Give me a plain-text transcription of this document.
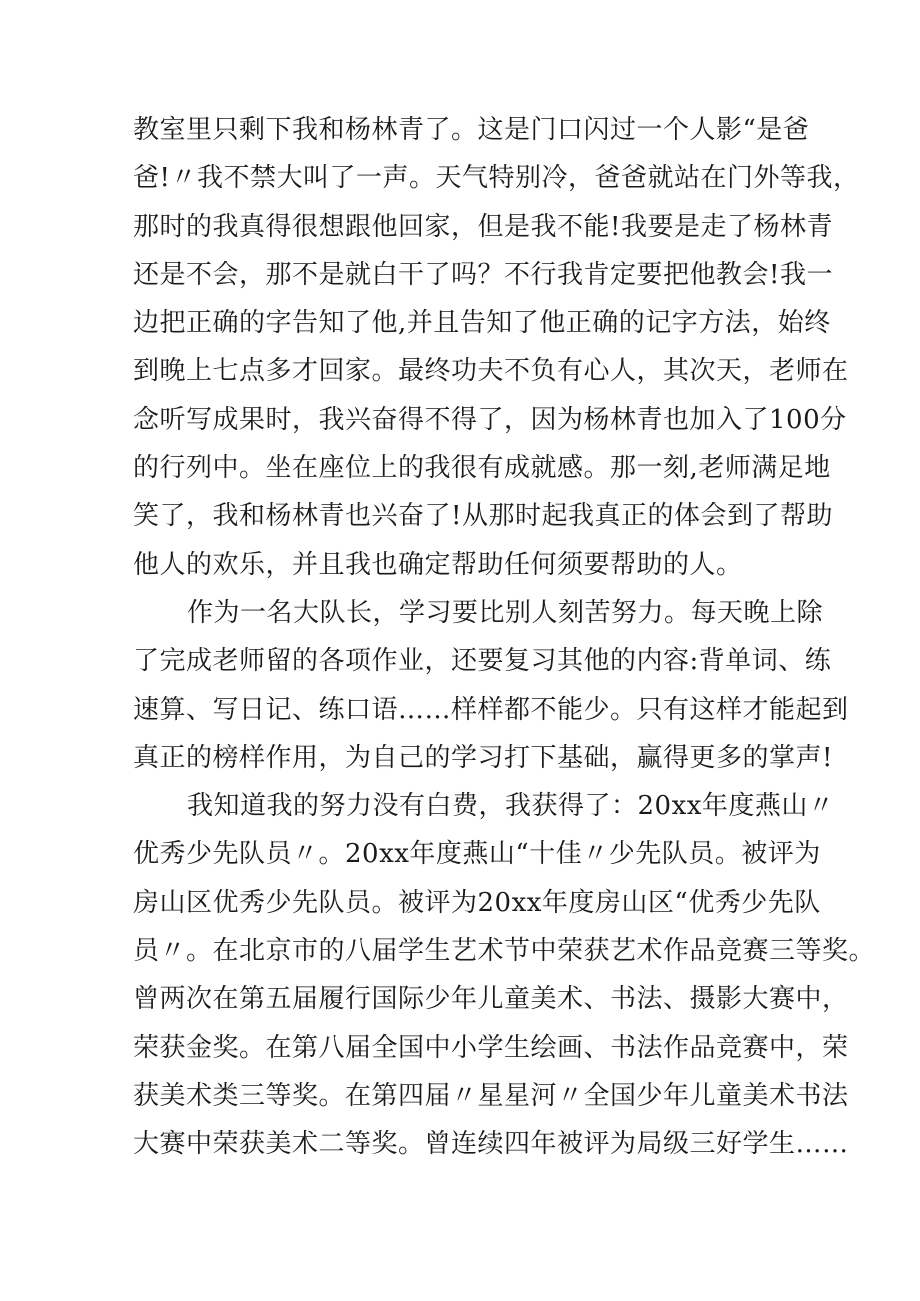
教室里只剩下我和杨林青了。这是门口闪过一个人影“是爸
爸!〃我不禁大叫了一声。天气特别冷，爸爸就站在门外等我，
那时的我真得很想跟他回家，但是我不能!我要是走了杨林青
还是不会，那不是就白干了吗？不行我肯定要把他教会!我一
边把正确的字告知了他,并且告知了他正确的记字方法，始终
到晚上七点多才回家。最终功夫不负有心人，其次天，老师在
念听写成果时，我兴奋得不得了，因为杨林青也加入了100分
的行列中。坐在座位上的我很有成就感。那一刻,老师满足地
笑了，我和杨林青也兴奋了!从那时起我真正的体会到了帮助
他人的欢乐，并且我也确定帮助任何须要帮助的人。

作为一名大队长，学习要比别人刻苦努力。每天晚上除
了完成老师留的各项作业，还要复习其他的内容:背单词、练
速算、写日记、练口语……样样都不能少。只有这样才能起到
真正的榜样作用，为自己的学习打下基础，赢得更多的掌声!

我知道我的努力没有白费，我获得了：20xx年度燕山〃
优秀少先队员〃。20xx年度燕山“十佳〃少先队员。被评为
房山区优秀少先队员。被评为20xx年度房山区“优秀少先队
员〃。在北京市的八届学生艺术节中荣获艺术作品竞赛三等奖。
曾两次在第五届履行国际少年儿童美术、书法、摄影大赛中，
荣获金奖。在第八届全国中小学生绘画、书法作品竞赛中，荣
获美术类三等奖。在第四届〃星星河〃全国少年儿童美术书法
大赛中荣获美术二等奖。曾连续四年被评为局级三好学生……
